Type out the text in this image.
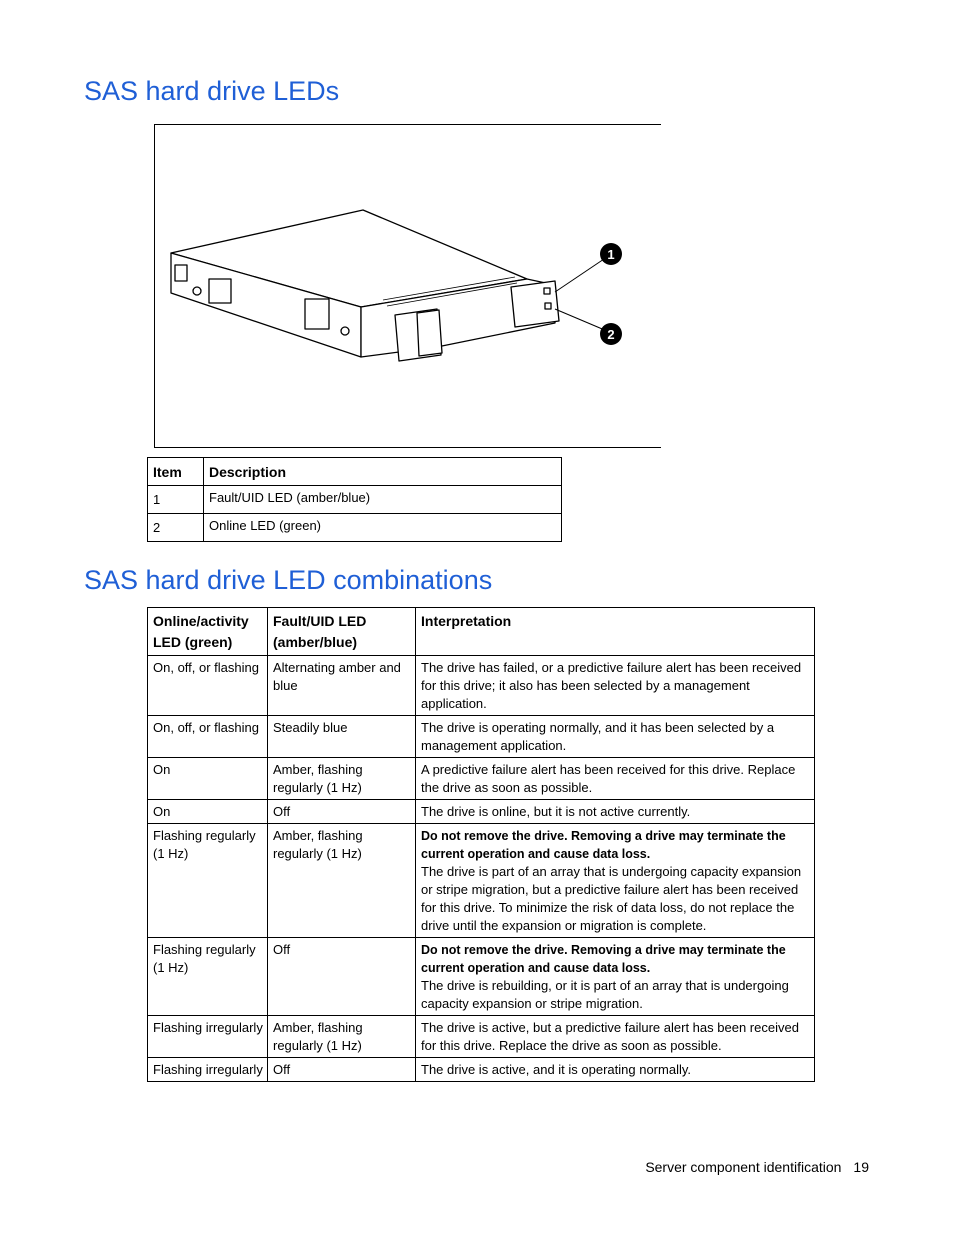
SAS hard drive LEDs
1
2
Item	Description
1	Fault/UID LED (amber/blue)
2	Online LED (green)
SAS hard drive LED combinations
Online/activity LED (green)	Fault/UID LED (amber/blue)	Interpretation
On, off, or flashing	Alternating amber and blue	The drive has failed, or a predictive failure alert has been received for this drive; it also has been selected by a management application.
On, off, or flashing	Steadily blue	The drive is operating normally, and it has been selected by a management application.
On	Amber, flashing regularly (1 Hz)	A predictive failure alert has been received for this drive. Replace the drive as soon as possible.
On	Off	The drive is online, but it is not active currently.
Flashing regularly (1 Hz)	Amber, flashing regularly (1 Hz)	Do not remove the drive. Removing a drive may terminate the current operation and cause data loss.
The drive is part of an array that is undergoing capacity expansion or stripe migration, but a predictive failure alert has been received for this drive. To minimize the risk of data loss, do not replace the drive until the expansion or migration is complete.
Flashing regularly (1 Hz)	Off	Do not remove the drive. Removing a drive may terminate the current operation and cause data loss.
The drive is rebuilding, or it is part of an array that is undergoing capacity expansion or stripe migration.
Flashing irregularly	Amber, flashing regularly (1 Hz)	The drive is active, but a predictive failure alert has been received for this drive. Replace the drive as soon as possible.
Flashing irregularly	Off	The drive is active, and it is operating normally.
Server component identification 19
